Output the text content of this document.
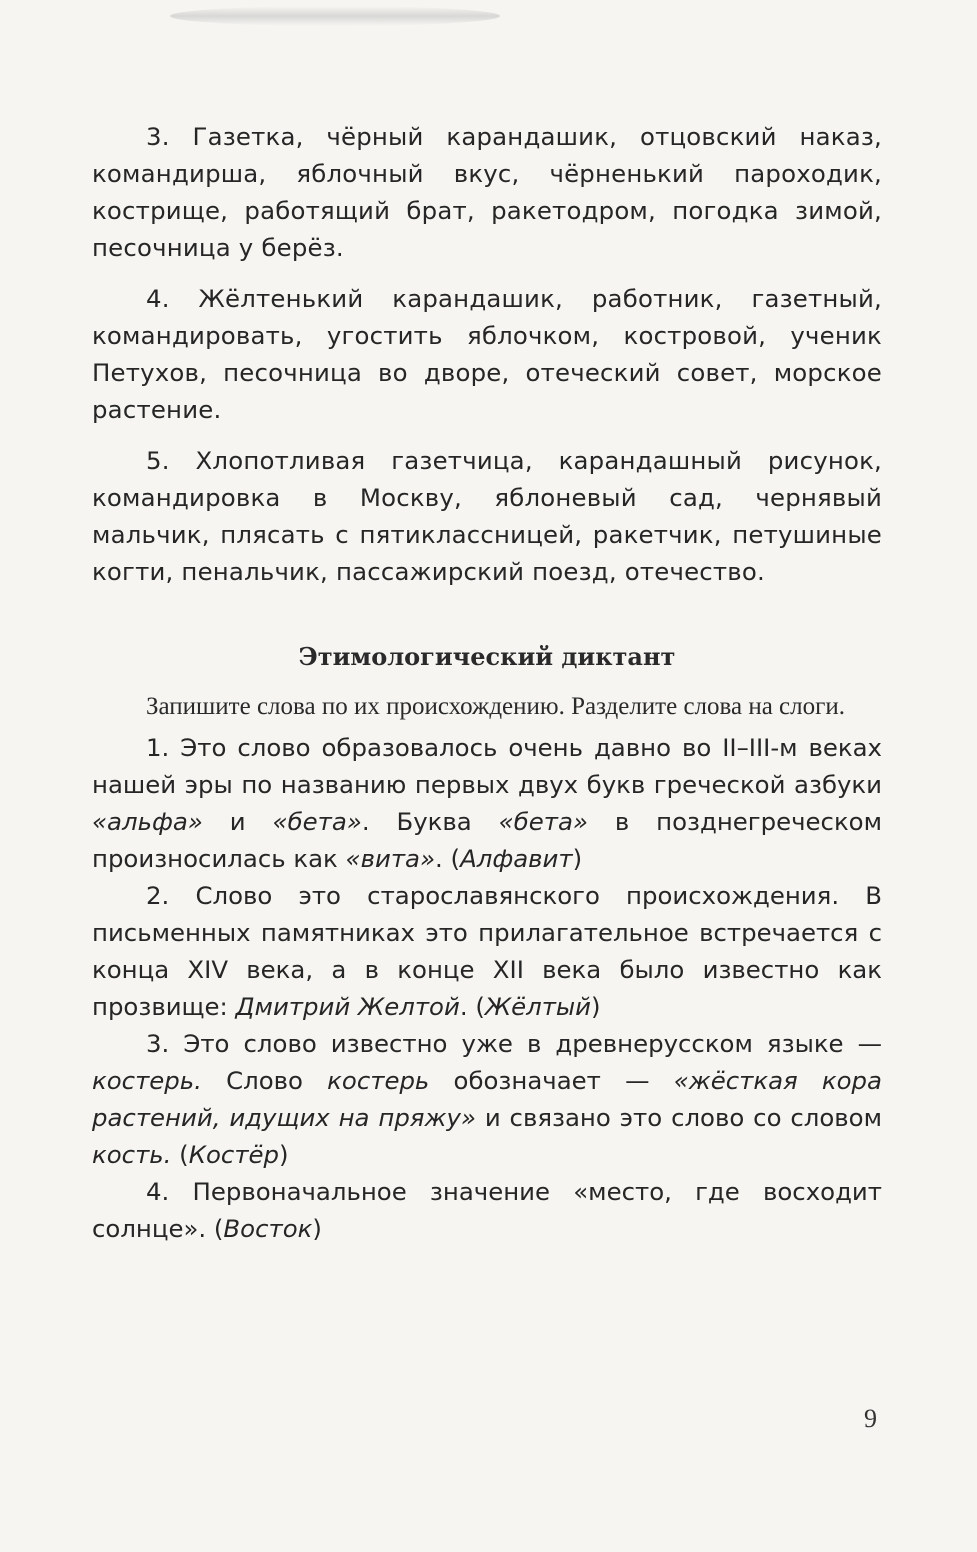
3. Газетка, чёрный карандашик, отцовский наказ, командирша, яблочный вкус, чёрненький пароходик, кострище, работящий брат, ракетодром, погодка зимой, песочница у берёз.

4. Жёлтенький карандашик, работник, газетный, командировать, угостить яблочком, костровой, ученик Петухов, песочница во дворе, отеческий совет, морское растение.

5. Хлопотливая газетчица, карандашный рисунок, командировка в Москву, яблоневый сад, чернявый мальчик, плясать с пятиклассницей, ракетчик, петушиные когти, пенальчик, пассажирский поезд, отечество.

Этимологический диктант

Запишите слова по их происхождению. Разделите слова на слоги.

1. Это слово образовалось очень давно во II–III-м веках нашей эры по названию первых двух букв греческой азбуки «альфа» и «бета». Буква «бета» в позднегреческом произносилась как «вита». (Алфавит)

2. Слово это старославянского происхождения. В письменных памятниках это прилагательное встречается с конца XIV века, а в конце XII века было известно как прозвище: Дмитрий Желтой. (Жёлтый)

3. Это слово известно уже в древнерусском языке — костерь. Слово костерь обозначает — «жёсткая кора растений, идущих на пряжу» и связано это слово со словом кость. (Костёр)

4. Первоначальное значение «место, где восходит солнце». (Восток)

9
